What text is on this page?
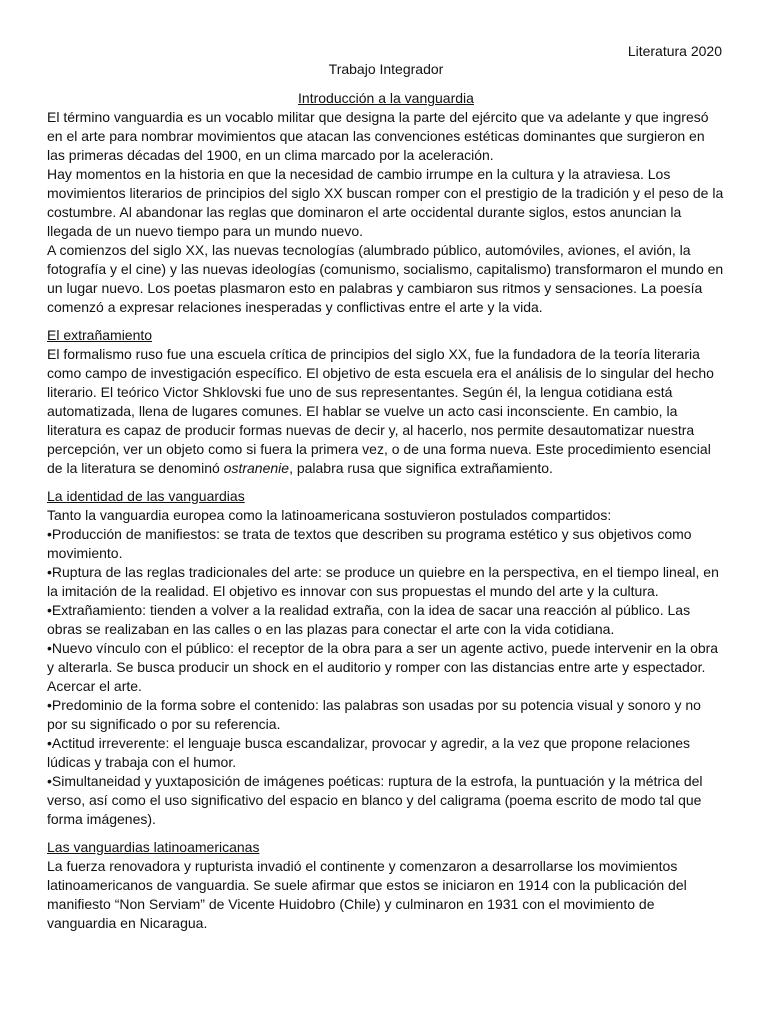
Literatura 2020
Trabajo Integrador
Introducción a la vanguardia

El término vanguardia es un vocablo militar que designa la parte del ejército que va adelante y que ingresó en el arte para nombrar movimientos que atacan las convenciones estéticas dominantes que surgieron en las primeras décadas del 1900, en un clima marcado por la aceleración.

Hay momentos en la historia en que la necesidad de cambio irrumpe en la cultura y la atraviesa. Los movimientos literarios de principios del siglo XX buscan romper con el prestigio de la tradición y el peso de la costumbre. Al abandonar las reglas que dominaron el arte occidental durante siglos, estos anuncian la llegada de un nuevo tiempo para un mundo nuevo.

A comienzos del siglo XX, las nuevas tecnologías (alumbrado público, automóviles, aviones, el avión, la fotografía y el cine) y las nuevas ideologías (comunismo, socialismo, capitalismo) transformaron el mundo en un lugar nuevo. Los poetas plasmaron esto en palabras y cambiaron sus ritmos y sensaciones. La poesía comenzó a expresar relaciones inesperadas y conflictivas entre el arte y la vida.

El extrañamiento

El formalismo ruso fue una escuela crítica de principios del siglo XX, fue la fundadora de la teoría literaria como campo de investigación específico. El objetivo de esta escuela era el análisis de lo singular del hecho literario. El teórico Victor Shklovski fue uno de sus representantes. Según él, la lengua cotidiana está automatizada, llena de lugares comunes. El hablar se vuelve un acto casi inconsciente. En cambio, la literatura es capaz de producir formas nuevas de decir y, al hacerlo, nos permite desautomatizar nuestra percepción, ver un objeto como si fuera la primera vez, o de una forma nueva. Este procedimiento esencial de la literatura se denominó ostranenie, palabra rusa que significa extrañamiento.

La identidad de las vanguardias

Tanto la vanguardia europea como la latinoamericana sostuvieron postulados compartidos:

•Producción de manifiestos: se trata de textos que describen su programa estético y sus objetivos como movimiento.

•Ruptura de las reglas tradicionales del arte: se produce un quiebre en la perspectiva, en el tiempo lineal, en la imitación de la realidad. El objetivo es innovar con sus propuestas el mundo del arte y la cultura.

•Extrañamiento: tienden a volver a la realidad extraña, con la idea de sacar una reacción al público. Las obras se realizaban en las calles o en las plazas para conectar el arte con la vida cotidiana.

•Nuevo vínculo con el público: el receptor de la obra para a ser un agente activo, puede intervenir en la obra y alterarla. Se busca producir un shock en el auditorio y romper con las distancias entre arte y espectador. Acercar el arte.

•Predominio de la forma sobre el contenido: las palabras son usadas por su potencia visual y sonoro y no por su significado o por su referencia.

•Actitud irreverente: el lenguaje busca escandalizar, provocar y agredir, a la vez que propone relaciones lúdicas y trabaja con el humor.

•Simultaneidad y yuxtaposición de imágenes poéticas: ruptura de la estrofa, la puntuación y la métrica del verso, así como el uso significativo del espacio en blanco y del caligrama (poema escrito de modo tal que forma imágenes).

Las vanguardias latinoamericanas

La fuerza renovadora y rupturista invadió el continente y comenzaron a desarrollarse los movimientos latinoamericanos de vanguardia. Se suele afirmar que estos se iniciaron en 1914 con la publicación del manifiesto “Non Serviam” de Vicente Huidobro (Chile) y culminaron en 1931 con el movimiento de vanguardia en Nicaragua.
